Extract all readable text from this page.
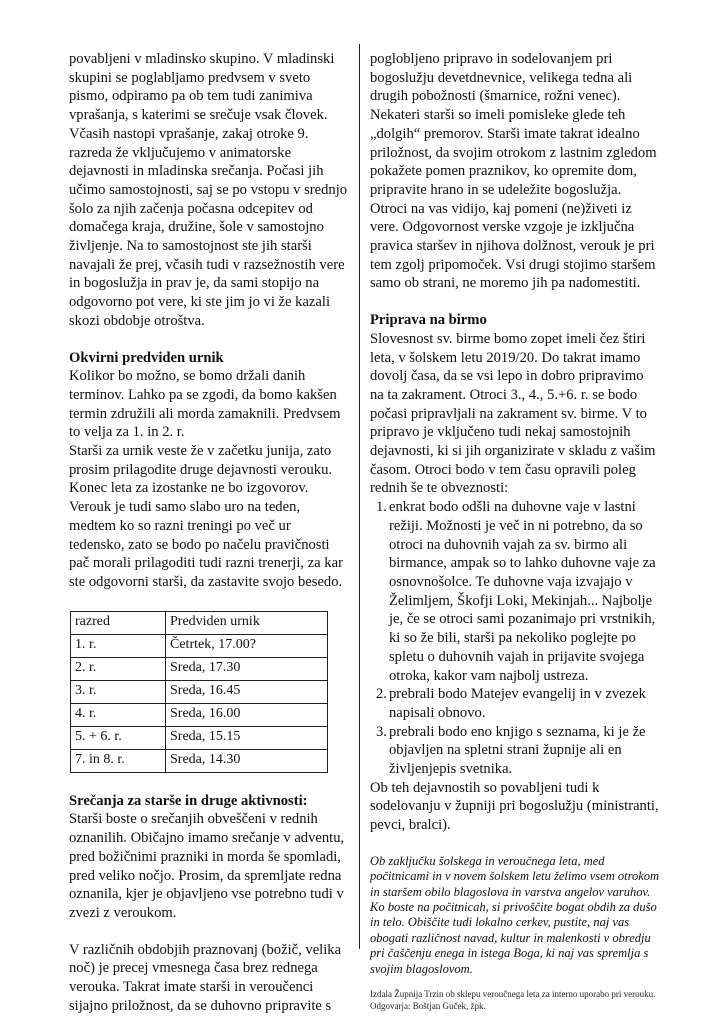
povabljeni v mladinsko skupino. V mladinski skupini se poglabljamo predvsem v sveto pismo, odpiramo pa ob tem tudi zanimiva vprašanja, s katerimi se srečuje vsak človek.

Včasih nastopi vprašanje, zakaj otroke 9. razreda že vključujemo v animatorske dejavnosti in mladinska srečanja. Počasi jih učimo samostojnosti, saj se po vstopu v srednjo šolo za njih začenja počasna odcepitev od domačega kraja, družine, šole v samostojno življenje. Na to samostojnost ste jih starši navajali že prej, včasih tudi v razsežnostih vere in bogoslužja in prav je, da sami stopijo na odgovorno pot vere, ki ste jim jo vi že kazali skozi obdobje otroštva.

Okvirni predviden urnik

Kolikor bo možno, se bomo držali danih terminov. Lahko pa se zgodi, da bomo kakšen termin združili ali morda zamaknili. Predvsem to velja za 1. in 2. r.

Starši za urnik veste že v začetku junija, zato prosim prilagodite druge dejavnosti verouku. Konec leta za izostanke ne bo izgovorov.

Verouk je tudi samo slabo uro na teden, medtem ko so razni treningi po več ur tedensko, zato se bodo po načelu pravičnosti pač morali prilagoditi tudi razni trenerji, za kar ste odgovorni starši, da zastavite svojo besedo.

razred	Predviden urnik
1. r.	Četrtek, 17.00?
2. r.	Sreda, 17.30
3. r.	Sreda, 16.45
4. r.	Sreda, 16.00
5. + 6. r.	Sreda, 15.15
7. in 8. r.	Sreda, 14.30

Srečanja za starše in druge aktivnosti:

Starši boste o srečanjih obveščeni v rednih oznanilih. Običajno imamo srečanje v adventu, pred božičnimi prazniki in morda še spomladi, pred veliko nočjo. Prosim, da spremljate redna oznanila, kjer je objavljeno vse potrebno tudi v zvezi z veroukom.

V različnih obdobjih praznovanj (božič, velika noč) je precej vmesnega časa brez rednega verouka. Takrat imate starši in veroučenci sijajno priložnost, da se duhovno pripravite s

poglobljeno pripravo in sodelovanjem pri bogoslužju devetdnevnice, velikega tedna ali drugih pobožnosti (šmarnice, rožni venec). Nekateri starši so imeli pomisleke glede teh „dolgih“ premorov. Starši imate takrat idealno priložnost, da svojim otrokom z lastnim zgledom pokažete pomen praznikov, ko opremite dom, pripravite hrano in se udeležite bogoslužja. Otroci na vas vidijo, kaj pomeni (ne)živeti iz vere. Odgovornost verske vzgoje je izključna pravica staršev in njihova dolžnost, verouk je pri tem zgolj pripomoček. Vsi drugi stojimo staršem samo ob strani, ne moremo jih pa nadomestiti.

Priprava na birmo

Slovesnost sv. birme bomo zopet imeli čez štiri leta, v šolskem letu 2019/20. Do takrat imamo dovolj časa, da se vsi lepo in dobro pripravimo na ta zakrament. Otroci 3., 4., 5.+6. r. se bodo počasi pripravljali na zakrament sv. birme. V to pripravo je vključeno tudi nekaj samostojnih dejavnosti, ki si jih organizirate v skladu z vašim časom. Otroci bodo v tem času opravili poleg rednih še te obveznosti:

1. enkrat bodo odšli na duhovne vaje v lastni režiji. Možnosti je več in ni potrebno, da so otroci na duhovnih vajah za sv. birmo ali birmance, ampak so to lahko duhovne vaje za osnovnošolce. Te duhovne vaja izvajajo v Želimljem, Škofji Loki, Mekinjah... Najbolje je, če se otroci sami pozanimajo pri vrstnikih, ki so že bili, starši pa nekoliko poglejte po spletu o duhovnih vajah in prijavite svojega otroka, kakor vam najbolj ustreza.
2. prebrali bodo Matejev evangelij in v zvezek napisali obnovo.
3. prebrali bodo eno knjigo s seznama, ki je že objavljen na spletni strani župnije ali en življenjepis svetnika.

Ob teh dejavnostih so povabljeni tudi k sodelovanju v župniji pri bogoslužju (ministranti, pevci, bralci).

Ob zaključku šolskega in veroučnega leta, med počitnicami in v novem šolskem letu želimo vsem otrokom in staršem obilo blagoslova in varstva angelov varuhov. Ko boste na počitnicah, si privoščite bogat obdih za dušo in telo. Obiščite tudi lokalno cerkev, pustite, naj vas obogati različnost navad, kultur in malenkosti v obredju pri čaščenju enega in istega Boga, ki naj vas spremlja s svojim blagoslovom.

Izdala Župnija Trzin ob sklepu veroučnega leta za interno uporabo pri verouku.

Odgovarja: Boštjan Guček, žpk.
